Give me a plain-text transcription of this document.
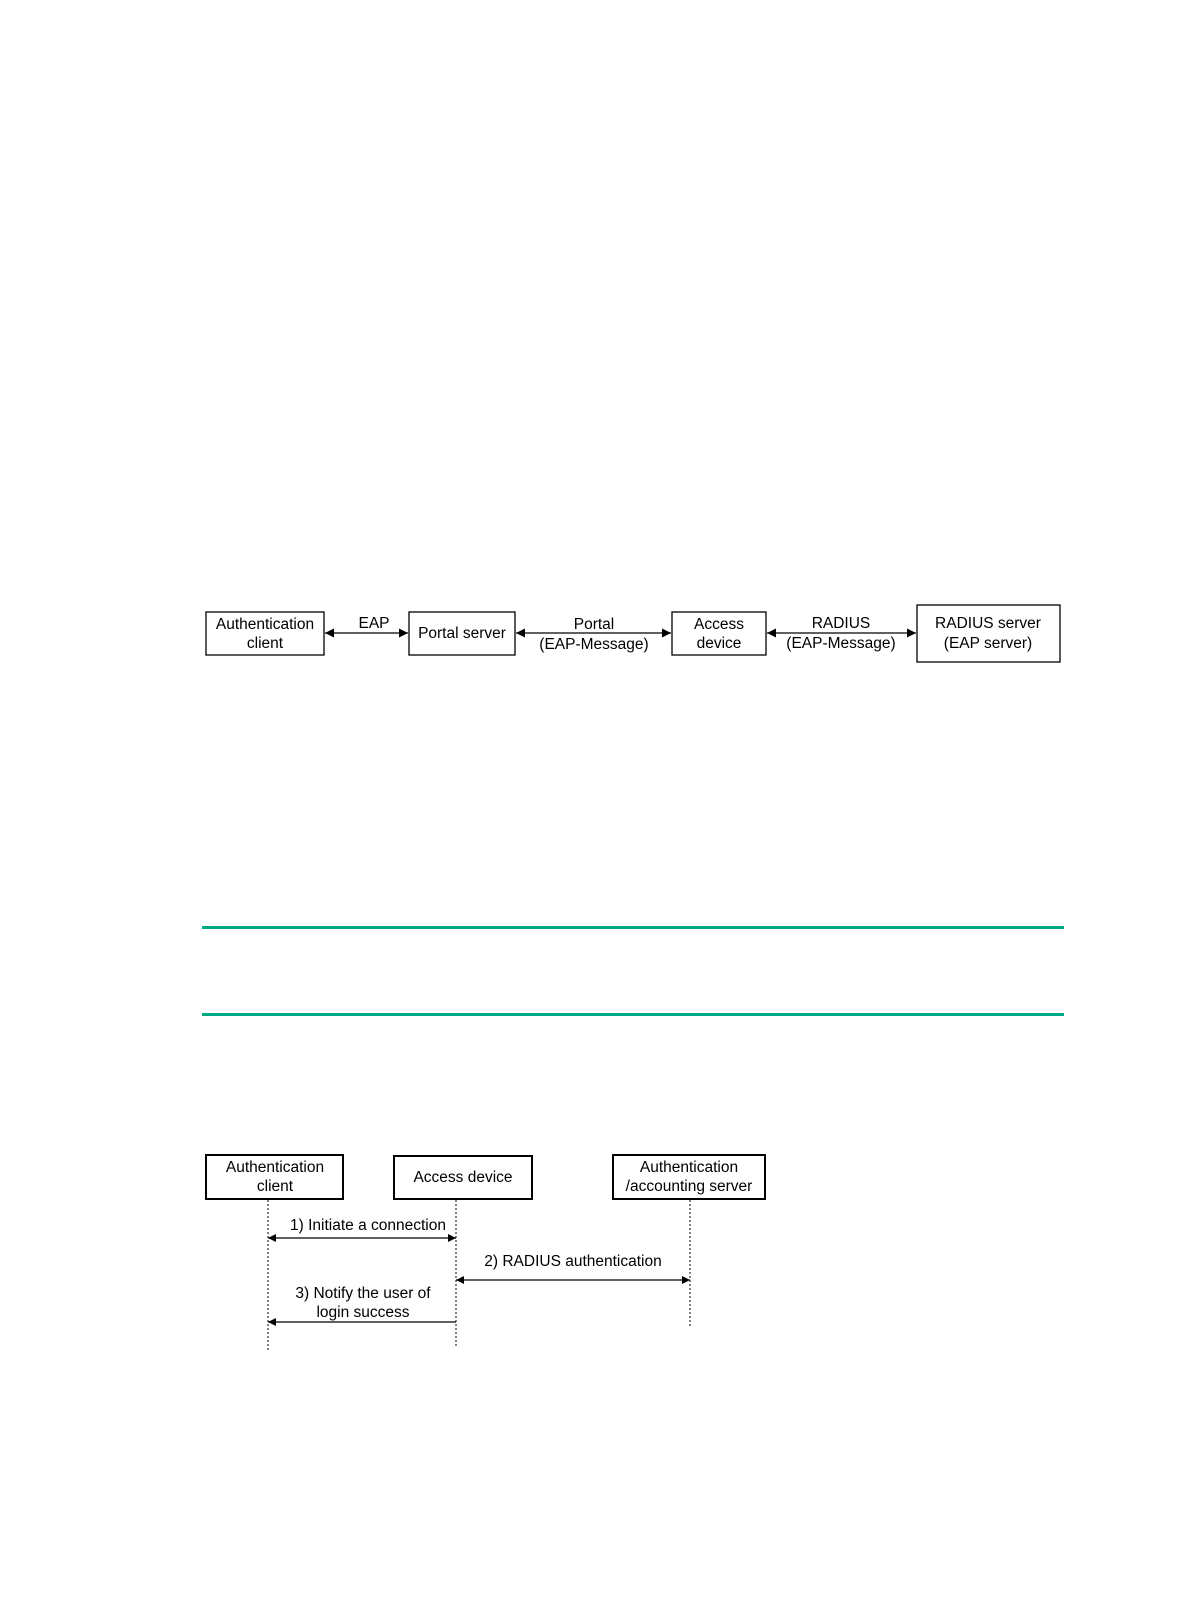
Authentication
client
EAP
Portal server
Portal
(EAP-Message)
Access
device
RADIUS
(EAP-Message)
RADIUS server
(EAP server)
Authentication
client
Access device
Authentication
/accounting server
1) Initiate a connection
2) RADIUS authentication
3) Notify the user of
login success
